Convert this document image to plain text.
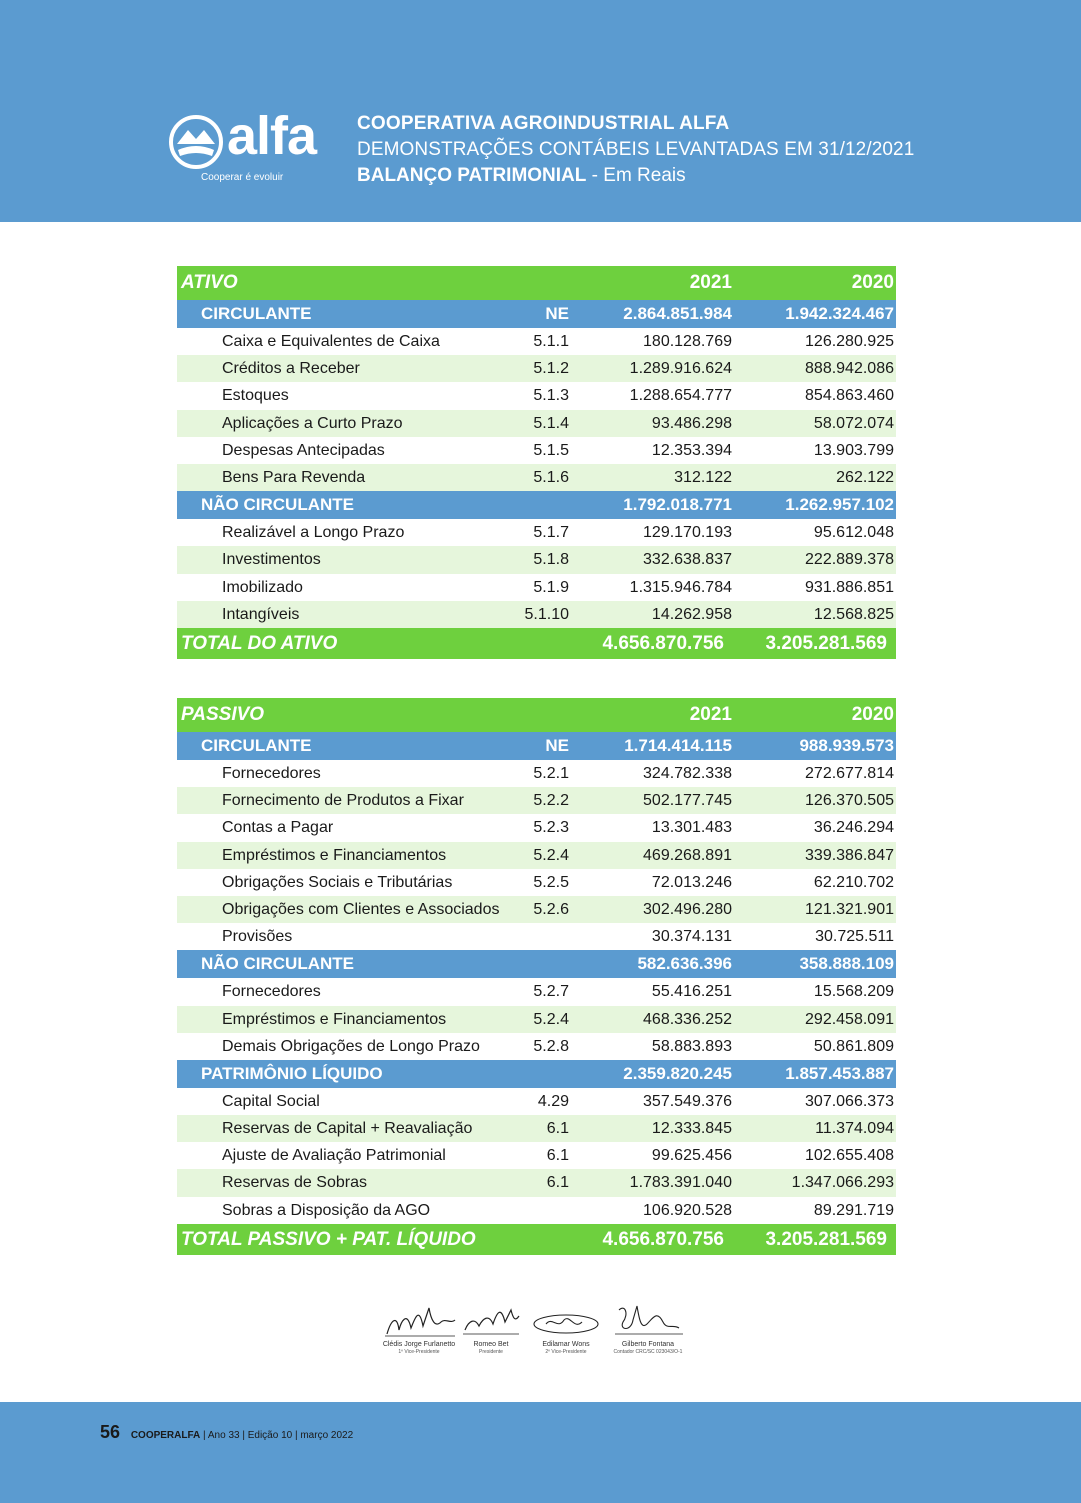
alfa
Cooperar é evoluir
COOPERATIVA AGROINDUSTRIAL ALFA
DEMONSTRAÇÕES CONTÁBEIS LEVANTADAS EM 31/12/2021
BALANÇO PATRIMONIAL - Em Reais
ATIVO	2021	2020
CIRCULANTE	NE	2.864.851.984	1.942.324.467
Caixa e Equivalentes de Caixa	5.1.1	180.128.769	126.280.925
Créditos a Receber	5.1.2	1.289.916.624	888.942.086
Estoques	5.1.3	1.288.654.777	854.863.460
Aplicações a Curto Prazo	5.1.4	93.486.298	58.072.074
Despesas Antecipadas	5.1.5	12.353.394	13.903.799
Bens Para Revenda	5.1.6	312.122	262.122
NÃO CIRCULANTE	1.792.018.771	1.262.957.102
Realizável a Longo Prazo	5.1.7	129.170.193	95.612.048
Investimentos	5.1.8	332.638.837	222.889.378
Imobilizado	5.1.9	1.315.946.784	931.886.851
Intangíveis	5.1.10	14.262.958	12.568.825
TOTAL DO ATIVO	4.656.870.756 3.205.281.569
PASSIVO	2021	2020
CIRCULANTE	NE	1.714.414.115	988.939.573
Fornecedores	5.2.1	324.782.338	272.677.814
Fornecimento de Produtos a Fixar	5.2.2	502.177.745	126.370.505
Contas a Pagar	5.2.3	13.301.483	36.246.294
Empréstimos e Financiamentos	5.2.4	469.268.891	339.386.847
Obrigações Sociais e Tributárias	5.2.5	72.013.246	62.210.702
Obrigações com Clientes e Associados 5.2.6	302.496.280	121.321.901
Provisões	30.374.131	30.725.511
NÃO CIRCULANTE	582.636.396	358.888.109
Fornecedores	5.2.7	55.416.251	15.568.209
Empréstimos e Financiamentos	5.2.4	468.336.252	292.458.091
Demais Obrigações de Longo Prazo	5.2.8	58.883.893	50.861.809
PATRIMÔNIO LÍQUIDO	2.359.820.245	1.857.453.887
Capital Social	4.29	357.549.376	307.066.373
Reservas de Capital + Reavaliação	6.1	12.333.845	11.374.094
Ajuste de Avaliação Patrimonial	6.1	99.625.456	102.655.408
Reservas de Sobras	6.1	1.783.391.040	1.347.066.293
Sobras a Disposição da AGO	106.920.528	89.291.719
TOTAL PASSIVO + PAT. LÍQUIDO	4.656.870.756 3.205.281.569
Clédis Jorge Furlanetto
1º Vice-Presidente
Romeo Bet
Presidente
Edilamar Wons
2º Vice-Presidente
Gilberto Fontana
Contador CRC/SC 023043/O-1
56 COOPERALFA | Ano 33 | Edição 10 | março 2022
